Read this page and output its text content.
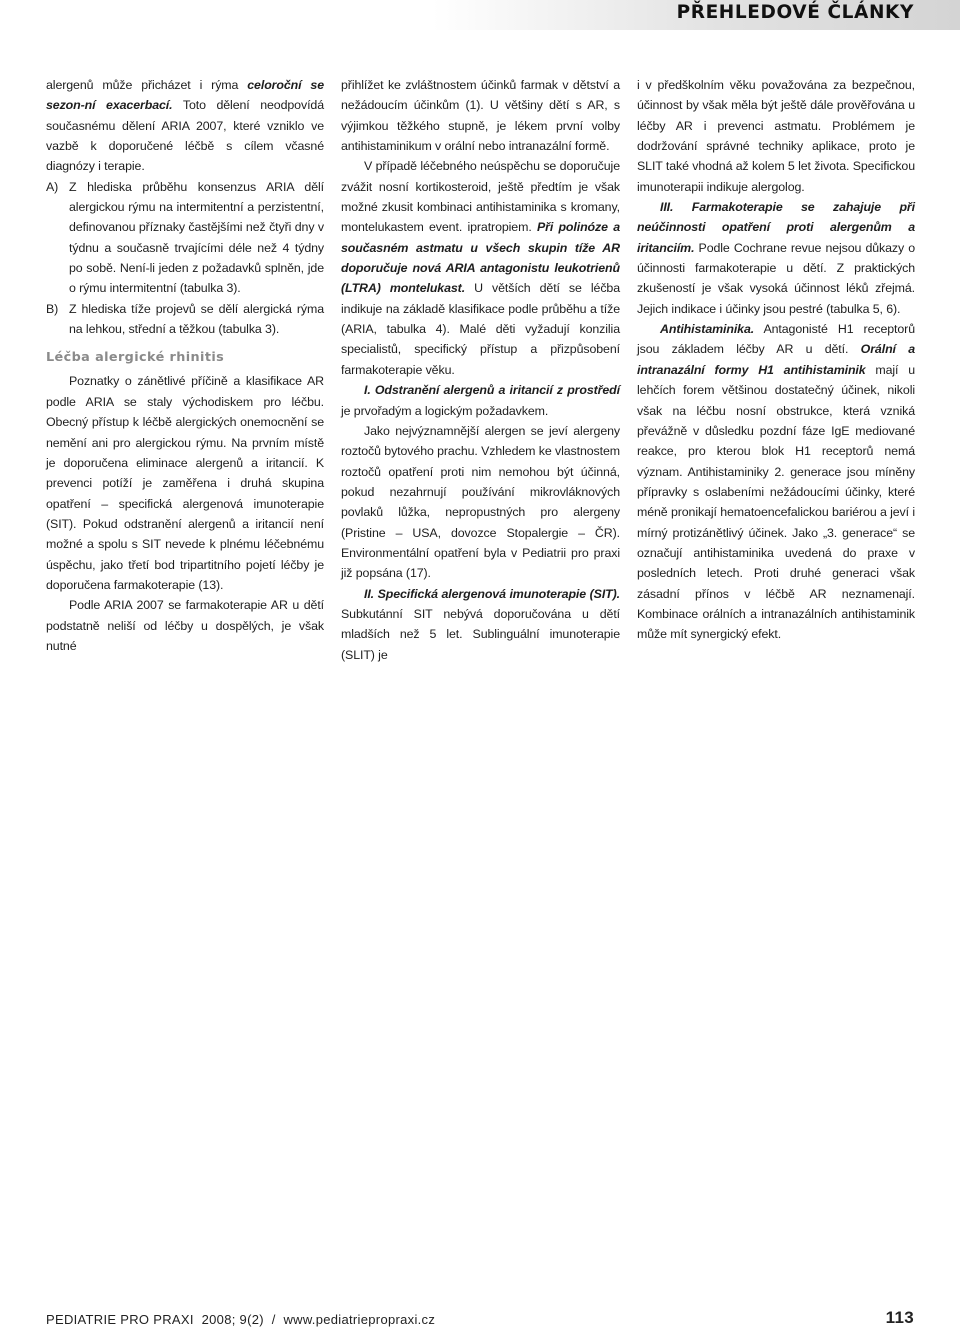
PŘEHLEDOVÉ ČLÁNKY

alergenů může přicházet i rýma celoroční se sezon-ní exacerbací. Toto dělení neodpovídá současnému dělení ARIA 2007, které vzniklo ve vazbě k doporučené léčbě s cílem včasné diagnózy i terapie.

A) Z hlediska průběhu konsenzus ARIA dělí alergickou rýmu na intermitentní a perzistentní, definovanou příznaky častějšími než čtyři dny v týdnu a současně trvajícími déle než 4 týdny po sobě. Není-li jeden z požadavků splněn, jde o rýmu intermitentní (tabulka 3).
B) Z hlediska tíže projevů se dělí alergická rýma na lehkou, střední a těžkou (tabulka 3).
Léčba alergické rhinitis

Poznatky o zánětlivé příčině a klasifikace AR podle ARIA se staly východiskem pro léčbu. Obecný přístup k léčbě alergických onemocnění se nemění ani pro alergickou rýmu. Na prvním místě je doporučena eliminace alergenů a iritancií. K prevenci potíží je zaměřena i druhá skupina opatření – specifická alergenová imunoterapie (SIT). Pokud odstranění alergenů a iritancií není možné a spolu s SIT nevede k plnému léčebnému úspěchu, jako třetí bod tripartitního pojetí léčby je doporučena farmakoterapie (13).

Podle ARIA 2007 se farmakoterapie AR u dětí podstatně neliší od léčby u dospělých, je však nutné

přihlížet ke zvláštnostem účinků farmak v dětství a nežádoucím účinkům (1). U většiny dětí s AR, s výjimkou těžkého stupně, je lékem první volby antihistaminikum v orální nebo intranazální formě.

V případě léčebného neúspěchu se doporučuje zvážit nosní kortikosteroid, ještě předtím je však možné zkusit kombinaci antihistaminika s kromany, montelukastem event. ipratropiem. Při polinóze a současném astmatu u všech skupin tíže AR doporučuje nová ARIA antagonistu leukotrienů (LTRA) montelukast. U větších dětí se léčba indikuje na základě klasifikace podle průběhu a tíže (ARIA, tabulka 4). Malé děti vyžadují konzilia specialistů, specifický přístup a přizpůsobení farmakoterapie věku.

I. Odstranění alergenů a iritancií z prostředí je prvořadým a logickým požadavkem.

Jako nejvýznamnější alergen se jeví alergeny roztočů bytového prachu. Vzhledem ke vlastnostem roztočů opatření proti nim nemohou být účinná, pokud nezahrnují používání mikrovláknových povlaků lůžka, nepropustných pro alergeny (Pristine – USA, dovozce Stopalergie – ČR). Environmentální opatření byla v Pediatrii pro praxi již popsána (17).

II. Specifická alergenová imunoterapie (SIT). Subkutánní SIT nebývá doporučována u dětí mladších než 5 let. Sublinguální imunoterapie (SLIT) je

i v předškolním věku považována za bezpečnou, účinnost by však měla být ještě dále prověřována u léčby AR i prevenci astmatu. Problémem je dodržování správné techniky aplikace, proto je SLIT také vhodná až kolem 5 let života. Specifickou imunoterapii indikuje alergolog.

III. Farmakoterapie se zahajuje při neúčinnosti opatření proti alergenům a iritanciím. Podle Cochrane revue nejsou důkazy o účinnosti farmakoterapie u dětí. Z praktických zkušeností je však vysoká účinnost léků zřejmá. Jejich indikace i účinky jsou pestré (tabulka 5, 6).

Antihistaminika. Antagonisté H1 receptorů jsou základem léčby AR u dětí. Orální a intranazální formy H1 antihistaminik mají u lehčích forem většinou dostatečný účinek, nikoli však na léčbu nosní obstrukce, která vzniká převážně v důsledku pozdní fáze IgE mediované reakce, pro kterou blok H1 receptorů nemá význam. Antihistaminiky 2. generace jsou míněny přípravky s oslabeními nežádoucími účinky, které méně pronikají hematoencefalickou bariérou a jeví i mírný protizánětlivý účinek. Jako „3. generace“ se označují antihistaminika uvedená do praxe v posledních letech. Proti druhé generaci však zásadní přínos v léčbě AR neznamenají. Kombinace orálních a intranazálních antihistaminik může mít synergický efekt.

PEDIATRIE PRO PRAXI 2008; 9(2) / www.pediatriepropraxi.cz	113
